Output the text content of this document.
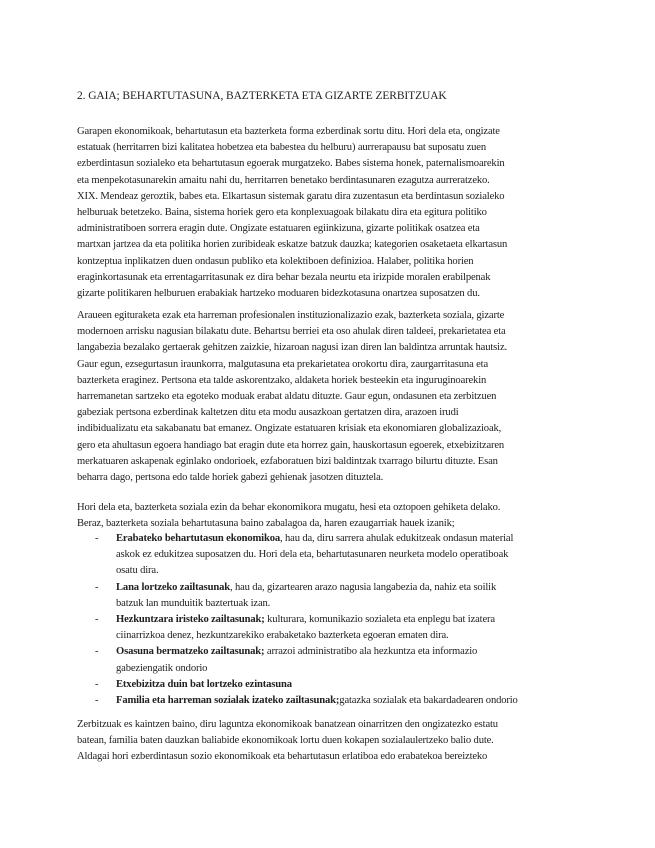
2. GAIA; BEHARTUTASUNA, BAZTERKETA ETA GIZARTE ZERBITZUAK
Garapen ekonomikoak, behartutasun eta bazterketa forma ezberdinak sortu ditu. Hori dela eta, ongizate
estatuak (herritarren bizi kalitatea hobetzea eta babestea du helburu) aurrerapausu bat suposatu zuen
ezberdintasun sozialeko eta behartutasun egoerak murgatzeko. Babes sistema honek, paternalismoarekin
eta menpekotasunarekin amaitu nahi du, herritarren benetako berdintasunaren ezagutza aurreratzeko.
XIX. Mendeaz geroztik, babes eta. Elkartasun sistemak garatu dira zuzentasun eta berdintasun sozialeko
helburuak betetzeko. Baina, sistema horiek gero eta konplexuagoak bilakatu dira eta egitura politiko
administratiboen sorrera eragin dute. Ongizate estatuaren egiinkizuna, gizarte politikak osatzea eta
martxan jartzea da eta politika horien zuribideak eskatze batzuk dauzka; kategorien osaketaeta elkartasun
kontzeptua inplikatzen duen ondasun publiko eta kolektiboen definizioa. Halaber, politika horien
eraginkortasunak eta errentagarritasunak ez dira behar bezala neurtu eta irizpide moralen erabilpenak
gizarte politikaren helburuen erabakiak hartzeko moduaren bidezkotasuna onartzea suposatzen du.
Araueen egituraketa ezak eta harreman profesionalen instituzionalizazio ezak, bazterketa soziala, gizarte
modernoen arrisku nagusian bilakatu dute. Behartsu berriei eta oso ahulak diren taldeei, prekarietatea eta
langabezia bezalako gertaerak gehitzen zaizkie, hizaroan nagusi izan diren lan baldintza arruntak hautsiz.
Gaur egun, ezsegurtasun iraunkorra, malgutasuna eta prekarietatea orokortu dira, zaurgarritasuna eta
bazterketa eraginez. Pertsona eta talde askorentzako, aldaketa horiek besteekin eta inguruginoarekin
harremanetan sartzeko eta egoteko moduak erabat aldatu dituzte. Gaur egun, ondasunen eta zerbitzuen
gabeziak pertsona ezberdinak kaltetzen ditu eta modu ausazkoan gertatzen dira, arazoen irudi
indibidualizatu eta sakabanatu bat emanez. Ongizate estatuaren krisiak eta ekonomiaren globalizazioak,
gero eta ahultasun egoera handiago bat eragin dute eta horrez gain, hauskortasun egoerek, etxebizitzaren
merkatuaren askapenak eginlako ondorioek, ezfaboratuen bizi baldintzak txarrago bilurtu dituzte. Esan
beharra dago, pertsona edo talde horiek gabezi gehienak jasotzen dituztela.
Hori dela eta, bazterketa soziala ezin da behar ekonomikora mugatu, hesi eta oztopoen gehiketa delako.
Beraz, bazterketa soziala behartutasuna baino zabalagoa da, haren ezaugarriak hauek izanik;
- Erabateko behartutasun ekonomikoa, hau da, diru sarrera ahulak edukitzeak ondasun material
askok ez edukitzea suposatzen du. Hori dela eta, behartutasunaren neurketa modelo operatiboak
osatu dira.
- Lana lortzeko zailtasunak, hau da, gizartearen arazo nagusia langabezia da, nahiz eta soilik
batzuk lan munduitik baztertuak izan.
- Hezkuntzara iristeko zailtasunak; kulturara, komunikazio sozialeta eta enplegu bat izatera
ciinarrizkoa denez, hezkuntzarekiko erabaketako bazterketa egoeran ematen dira.
- Osasuna bermatzeko zailtasunak; arrazoi administratibo ala hezkuntza eta informazio
gabeziengatik ondorio
- Etxebizitza duin bat lortzeko ezintasuna
- Familia eta harreman sozialak izateko zailtasunak;gatazka sozialak eta bakardadearen ondorio
Zerbitzuak es kaintzen baino, diru laguntza ekonomikoak banatzean oinarritzen den ongizatezko estatu
batean, familia baten dauzkan baliabide ekonomikoak lortu duen kokapen sozialaulertzeko balio dute.
Aldagai hori ezberdintasun sozio ekonomikoak eta behartutasun erlatiboa edo erabatekoa bereizteko
